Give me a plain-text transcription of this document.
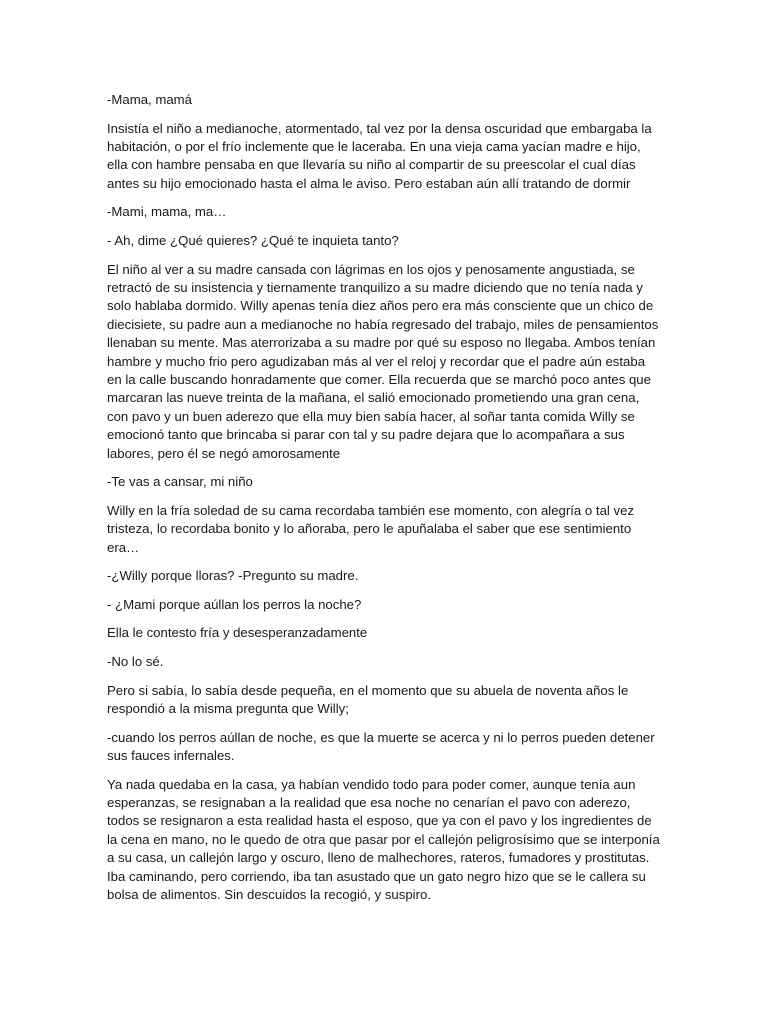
-Mama, mamá

Insistía el niño a medianoche, atormentado, tal vez por la densa oscuridad que embargaba la habitación, o por el frío inclemente que le laceraba. En una vieja cama yacían madre e hijo, ella con hambre pensaba en que llevaría su niño al compartir de su preescolar el cual días antes su hijo emocionado hasta el alma le aviso. Pero estaban aún allí tratando de dormir

-Mami, mama, ma…

- Ah, dime ¿Qué quieres? ¿Qué te inquieta tanto?

El niño al ver a su madre cansada con lágrimas en los ojos y penosamente angustiada, se retractó de su insistencia y tiernamente tranquilizo a su madre diciendo que no tenía nada y solo hablaba dormido. Willy apenas tenía diez años pero era más consciente que un chico de diecisiete, su padre aun a medianoche no había regresado del trabajo, miles de pensamientos llenaban su mente. Mas aterrorizaba a su madre por qué su esposo no llegaba. Ambos tenían hambre y mucho frio pero agudizaban más al ver el reloj y recordar que el padre aún estaba en la calle buscando honradamente que comer. Ella recuerda que se marchó poco antes que marcaran las nueve treinta de la mañana, el salió emocionado prometiendo una gran cena, con pavo y un buen aderezo que ella muy bien sabía hacer, al soñar tanta comida Willy se emocionó tanto que brincaba si parar con tal y su padre dejara que lo acompañara a sus labores, pero él se negó amorosamente

-Te vas a cansar, mi niño

Willy en la fría soledad de su cama recordaba también ese momento, con alegría o tal vez tristeza, lo recordaba bonito y lo añoraba, pero le apuñalaba el saber que ese sentimiento era…

-¿Willy porque lloras? -Pregunto su madre.

- ¿Mami porque aúllan los perros la noche?

Ella le contesto fría y desesperanzadamente

-No lo sé.

Pero si sabía, lo sabía desde pequeña, en el momento que su abuela de noventa años le respondió a la misma pregunta que Willy;

-cuando los perros aúllan de noche, es que la muerte se acerca y ni lo perros pueden detener sus fauces infernales.

Ya nada quedaba en la casa, ya habían vendido todo para poder comer, aunque tenía aun esperanzas, se resignaban a la realidad que esa noche no cenarían el pavo con aderezo, todos se resignaron a esta realidad hasta el esposo, que ya con el pavo y los ingredientes de la cena en mano, no le quedo de otra que pasar por el callejón peligrosísimo que se interponía a su casa, un callejón largo y oscuro, lleno de malhechores, rateros, fumadores y prostitutas. Iba caminando, pero corriendo, iba tan asustado que un gato negro hizo que se le callera su bolsa de alimentos. Sin descuidos la recogió, y suspiro.
